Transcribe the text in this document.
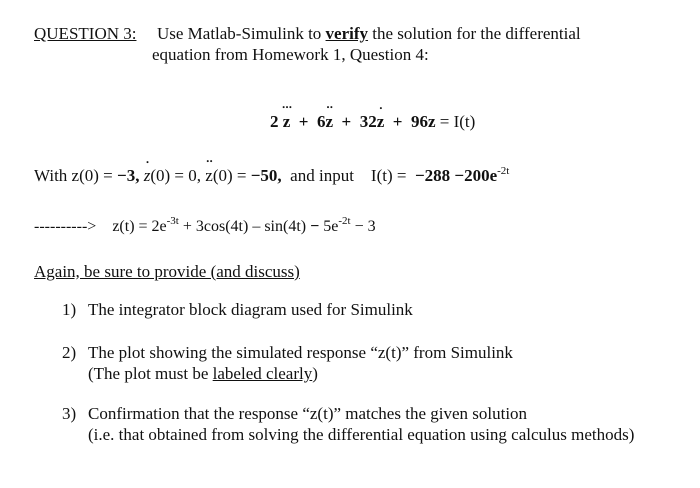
QUESTION 3: Use Matlab-Simulink to verify the solution for the differential
equation from Homework 1, Question 4:
2
⋅⋅⋅
z + 6
⋅⋅
z + 32
⋅
z + 96z = I(t)
With z(0) = −3,
⋅
z(0) = 0,
⋅⋅
z(0) = −50, and input $I(t) = -288 -200e^{-2t}$
----------> $z(t) = 2e^{-3t} + 3\cos(4t) - \sin(4t) - 5e^{-2t} - 3$
Again, be sure to provide (and discuss)
1) The integrator block diagram used for Simulink
2) The plot showing the simulated response “z(t)” from Simulink
(The plot must be labeled clearly)
3) Confirmation that the response “z(t)” matches the given solution
(i.e. that obtained from solving the differential equation using calculus methods)
